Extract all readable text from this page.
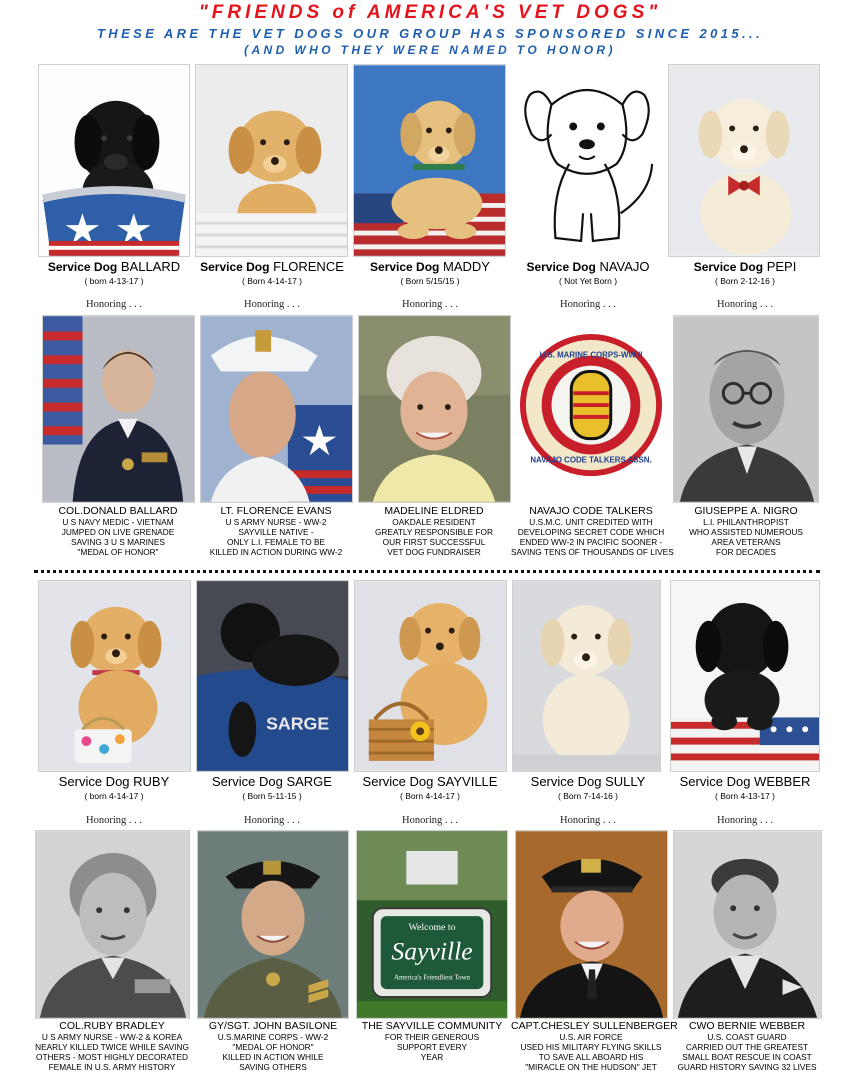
"FRIENDS of AMERICA'S VET DOGS"
THESE ARE THE VET DOGS OUR GROUP HAS SPONSORED SINCE 2015...
(AND WHO THEY WERE NAMED TO HONOR)
Service Dog BALLARD
( born 4-13-17 )
Service Dog FLORENCE
( Born 4-14-17 )
Service Dog MADDY
( Born 5/15/15 )
Service Dog NAVAJO
( Not Yet Born )
Service Dog PEPI
( Born 2-12-16 )
Honoring . . .	Honoring . . .	Honoring . . .	Honoring . . .	Honoring . . .
U.S. MARINE CORPS-WW II
NAVAJO CODE TALKERS ASSN.
COL.DONALD BALLARD
U S NAVY MEDIC - VIETNAM
JUMPED ON LIVE GRENADE
SAVING 3 U S MARINES
"MEDAL OF HONOR"
LT. FLORENCE EVANS
U S ARMY NURSE - WW-2
SAYVILLE NATIVE -
ONLY L.I. FEMALE TO BE
KILLED IN ACTION DURING WW-2
MADELINE ELDRED
OAKDALE RESIDENT
GREATLY RESPONSIBLE FOR
OUR FIRST SUCCESSFUL
VET DOG FUNDRAISER
NAVAJO CODE TALKERS
U.S.M.C. UNIT CREDITED WITH
DEVELOPING SECRET CODE WHICH
ENDED WW-2 IN PACIFIC SOONER -
SAVING TENS OF THOUSANDS OF LIVES
GIUSEPPE A. NIGRO
L.I. PHILANTHROPIST
WHO ASSISTED NUMEROUS
AREA VETERANS
FOR DECADES
SARGE
Service Dog RUBY
( born 4-14-17 )
Service Dog SARGE
( Born 5-11-15 )
Service Dog SAYVILLE
( Born 4-14-17 )
Service Dog SULLY
( Born 7-14-16 )
Service Dog WEBBER
( Born 4-13-17 )
Honoring . . .	Honoring . . .	Honoring . . .	Honoring . . .	Honoring . . .
Welcome to
Sayville
America's Friendliest Town
COL.RUBY BRADLEY
U S ARMY NURSE - WW-2 & KOREA
NEARLY KILLED TWICE WHILE SAVING
OTHERS - MOST HIGHLY DECORATED
FEMALE IN U.S. ARMY HISTORY
GY/SGT. JOHN BASILONE
U.S.MARINE CORPS - WW-2
"MEDAL OF HONOR"
KILLED IN ACTION WHILE
SAVING OTHERS
THE SAYVILLE COMMUNITY
FOR THEIR GENEROUS
SUPPORT EVERY
YEAR
CAPT.CHESLEY SULLENBERGER
U.S. AIR FORCE
USED HIS MILITARY FLYING SKILLS
TO SAVE ALL ABOARD HIS
"MIRACLE ON THE HUDSON" JET
CWO BERNIE WEBBER
U.S. COAST GUARD
CARRIED OUT THE GREATEST
SMALL BOAT RESCUE IN COAST
GUARD HISTORY SAVING 32 LIVES
